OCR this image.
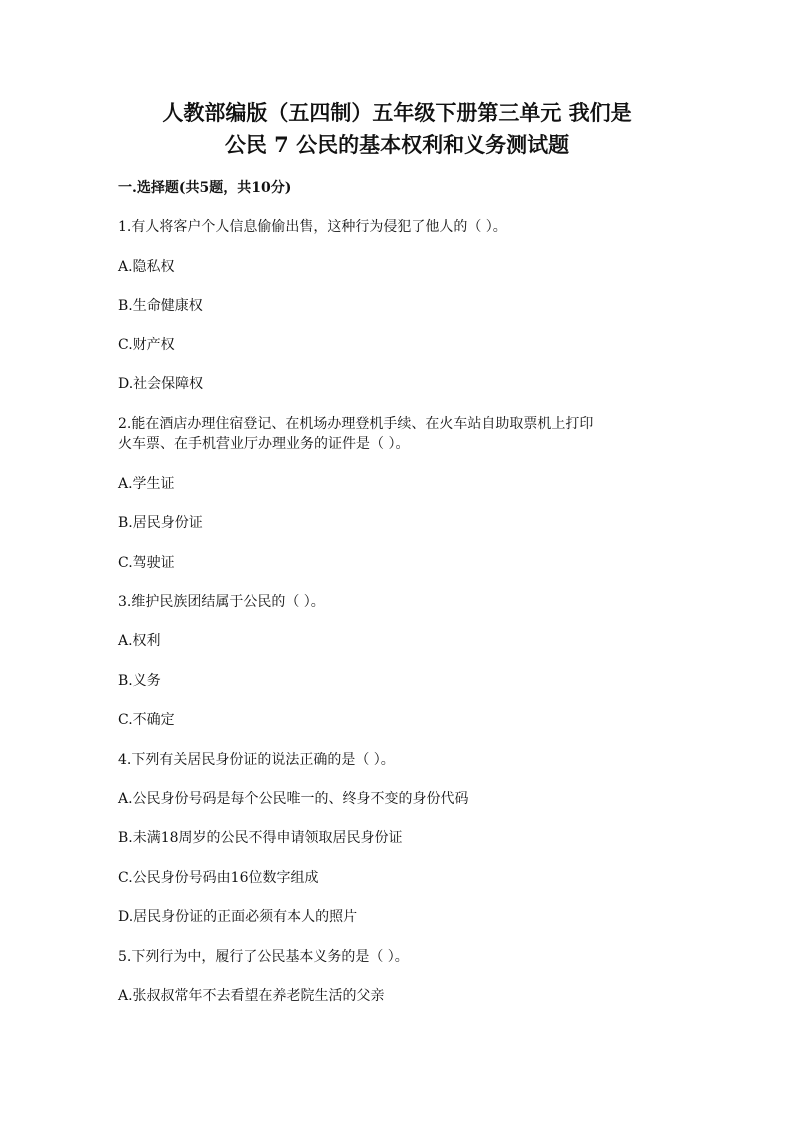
人教部编版（五四制）五年级下册第三单元 我们是
公民 7 公民的基本权利和义务测试题
一.选择题(共5题，共10分)
1.有人将客户个人信息偷偷出售，这种行为侵犯了他人的（ ）。
A.隐私权
B.生命健康权
C.财产权
D.社会保障权
2.能在酒店办理住宿登记、在机场办理登机手续、在火车站自助取票机上打印
火车票、在手机营业厅办理业务的证件是（ ）。
A.学生证
B.居民身份证
C.驾驶证
3.维护民族团结属于公民的（ ）。
A.权利
B.义务
C.不确定
4.下列有关居民身份证的说法正确的是（ ）。
A.公民身份号码是每个公民唯一的、终身不变的身份代码
B.未满18周岁的公民不得申请领取居民身份证
C.公民身份号码由16位数字组成
D.居民身份证的正面必须有本人的照片
5.下列行为中，履行了公民基本义务的是（ ）。
A.张叔叔常年不去看望在养老院生活的父亲
